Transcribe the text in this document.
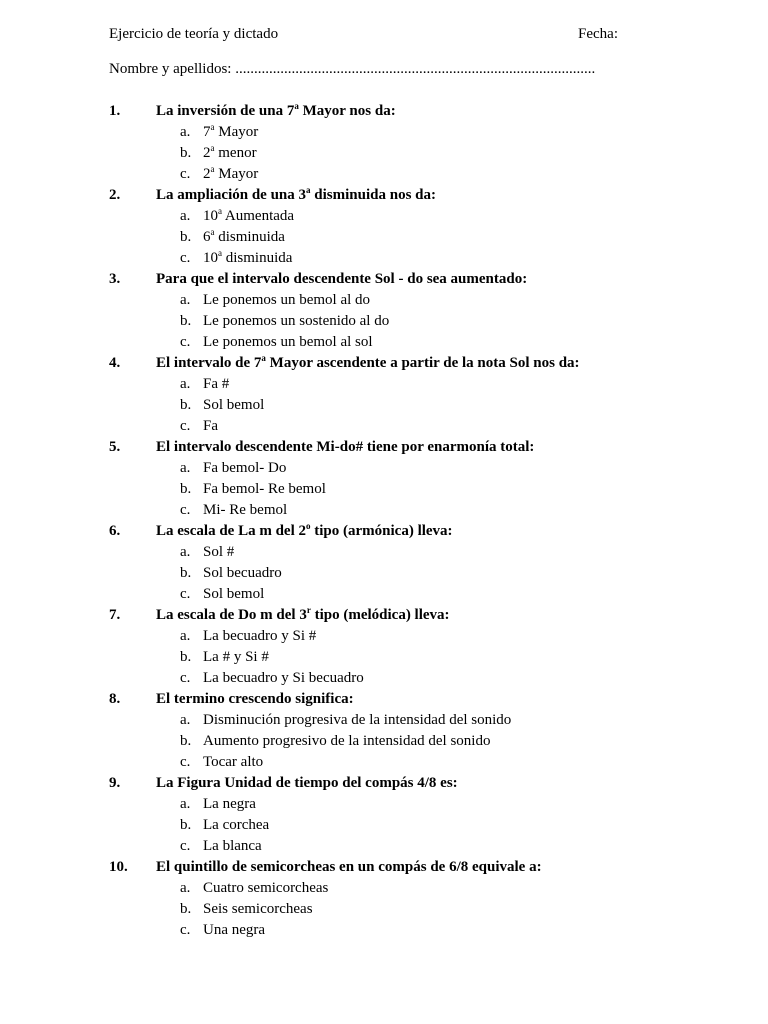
Ejercicio de teoría y dictado	Fecha:
Nombre y apellidos: ................................................................................................
1. La inversión de una 7$^a$ Mayor nos da:
a. 7$^a$ Mayor
b. 2$^a$ menor
c. 2$^a$ Mayor
2. La ampliación de una 3$^a$ disminuida nos da:
a. 10$^a$ Aumentada
b. 6$^a$ disminuida
c. 10$^a$ disminuida
3. Para que el intervalo descendente Sol - do sea aumentado:
a. Le ponemos un bemol al do
b. Le ponemos un sostenido al do
c. Le ponemos un bemol al sol
4. El intervalo de 7$^a$ Mayor ascendente a partir de la nota Sol nos da:
a. Fa #
b. Sol bemol
c. Fa
5. El intervalo descendente Mi-do# tiene por enarmonía total:
a. Fa bemol- Do
b. Fa bemol- Re bemol
c. Mi- Re bemol
6. La escala de La m del 2$^o$ tipo (armónica) lleva:
a. Sol #
b. Sol becuadro
c. Sol bemol
7. La escala de Do m del 3$^r$ tipo (melódica) lleva:
a. La becuadro y Si #
b. La # y Si #
c. La becuadro y Si becuadro
8. El termino crescendo significa:
a. Disminución progresiva de la intensidad del sonido
b. Aumento progresivo de la intensidad del sonido
c. Tocar alto
9. La Figura Unidad de tiempo del compás 4/8 es:
a. La negra
b. La corchea
c. La blanca
10. El quintillo de semicorcheas en un compás de 6/8 equivale a:
a. Cuatro semicorcheas
b. Seis semicorcheas
c. Una negra
